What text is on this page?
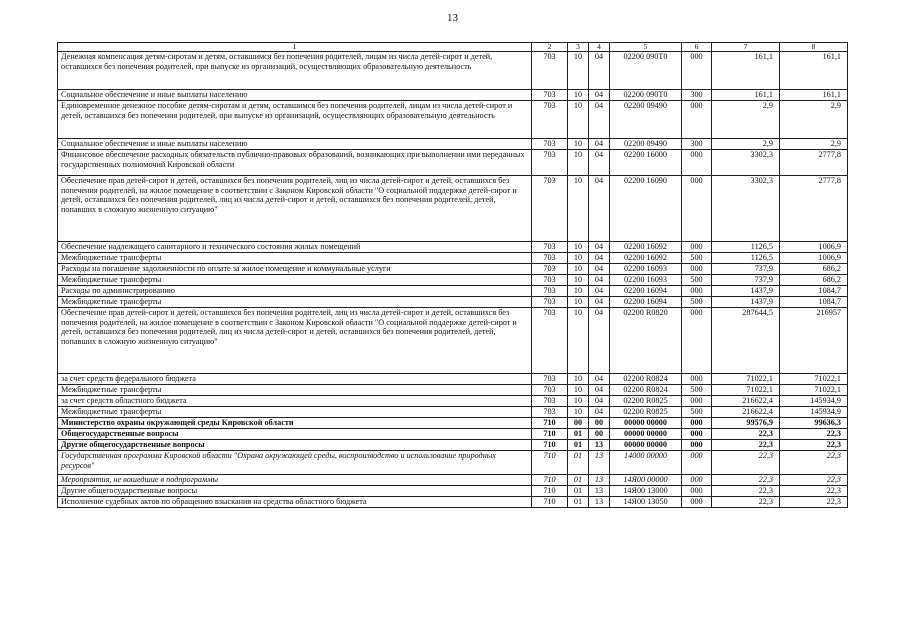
13
1	2	3	4	5	6	7	8
Денежная компенсация детям-сиротам и детям, оставшимся без попечения родителей, лицам из числа детей-сирот и детей, оставшихся без попечения родителей, при выпуске из организаций, осуществляющих образовательную деятельность	703	10	04	02200 090Т0	000	161,1	161,1
Социальное обеспечение и иные выплаты населению	703	10	04	02200 090Т0	300	161,1	161,1
Единовременное денежное пособие детям-сиротам и детям, оставшимся без попечения родителей, лицам из числа детей-сирот и детей, оставшихся без попечения родителей, при выпуске из организаций, осуществляющих образовательную деятельность	703	10	04	02200 09490	000	2,9	2,9
Социальное обеспечение и иные выплаты населению	703	10	04	02200 09490	300	2,9	2,9
Финансовое обеспечение расходных обязательств публично-правовых образований, возникающих при выполнении ими переданных государственных полномочий Кировской области	703	10	04	02200 16000	000	3302,3	2777,8
Обеспечение прав детей-сирот и детей, оставшихся без попечения родителей, лиц из числа детей-сирот и детей, оставшихся без попечения родителей, на жилое помещение в соответствии с Законом Кировской области "О социальной поддержке детей-сирот и детей, оставшихся без попечения родителей, лиц из числа детей-сирот и детей, оставшихся без попечения родителей, детей, попавших в сложную жизненную ситуацию"	703	10	04	02200 16090	000	3302,3	2777,8
Обеспечение надлежащего санитарного и технического состояния жилых помещений	703	10	04	02200 16092	000	1126,5	1006,9
Межбюджетные трансферты	703	10	04	02200 16092	500	1126,5	1006,9
Расходы на погашение задолженности по оплате за жилое помещение и коммунальные услуги	703	10	04	02200 16093	000	737,9	686,2
Межбюджетные трансферты	703	10	04	02200 16093	500	737,9	686,2
Расходы по администрированию	703	10	04	02200 16094	000	1437,9	1084,7
Межбюджетные трансферты	703	10	04	02200 16094	500	1437,9	1084,7
Обеспечение прав детей-сирот и детей, оставшихся без попечения родителей, лиц из числа детей-сирот и детей, оставшихся без попечения родителей, на жилое помещение в соответствии с Законом Кировской области "О социальной поддержке детей-сирот и детей, оставшихся без попечения родителей, лиц из числа детей-сирот и детей, оставшихся без попечения родителей, детей, попавших в сложную жизненную ситуацию"	703	10	04	02200 R0820	000	287644,5	216957
за счет средств федерального бюджета	703	10	04	02200 R0824	000	71022,1	71022,1
Межбюджетные трансферты	703	10	04	02200 R0824	500	71022,1	71022,1
за счет средств областного бюджета	703	10	04	02200 R0825	000	216622,4	145934,9
Межбюджетные трансферты	703	10	04	02200 R0825	500	216622,4	145934,9
Министерство охраны окружающей среды Кировской области	710	00	00	00000 00000	000	99576,9	99636,3
Общегосударственные вопросы	710	01	00	00000 00000	000	22,3	22,3
Другие общегосударственные вопросы	710	01	13	00000 00000	000	22,3	22,3
Государственная программа Кировской области "Охрана окружающей среды, воспроизводство и использование природных ресурсов"	710	01	13	14000 00000	000	22,3	22,3
Мероприятия, не вошедшие в подпрограммы	710	01	13	14Я00 00000	000	22,3	22,3
Другие общегосударственные вопросы	710	01	13	14Я00 13000	000	22,3	22,3
Исполнение судебных актов по обращению взыскания на средства областного бюджета	710	01	13	14Я00 13050	000	22,3	22,3
